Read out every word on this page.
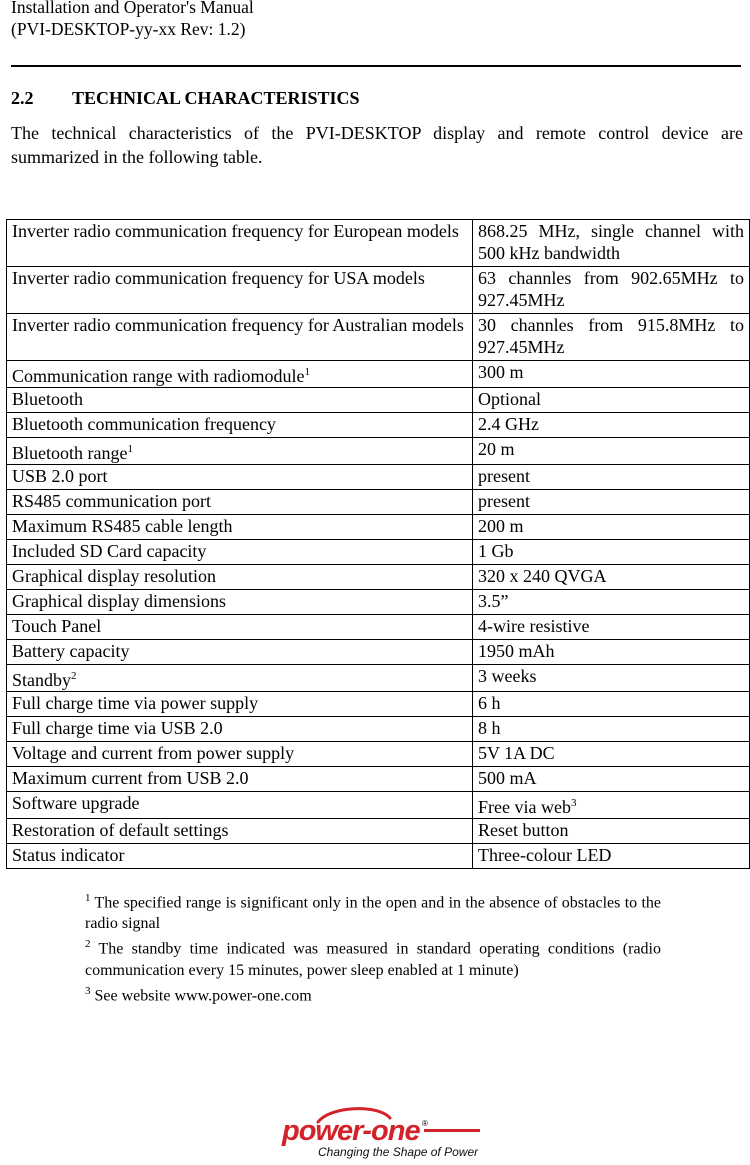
Installation and Operator's Manual
(PVI-DESKTOP-yy-xx Rev: 1.2)
2.2 TECHNICAL CHARACTERISTICS
The technical characteristics of the PVI-DESKTOP display and remote control device are summarized in the following table.
Inverter radio communication frequency for European models	868.25 MHz, single channel with 500 kHz bandwidth
Inverter radio communication frequency for USA models	63 channles from 902.65MHz to 927.45MHz
Inverter radio communication frequency for Australian models	30 channles from 915.8MHz to 927.45MHz
Communication range with radiomodule$^1$	300 m
Bluetooth	Optional
Bluetooth communication frequency	2.4 GHz
Bluetooth range$^1$	20 m
USB 2.0 port	present
RS485 communication port	present
Maximum RS485 cable length	200 m
Included SD Card capacity	1 Gb
Graphical display resolution	320 x 240 QVGA
Graphical display dimensions	3.5”
Touch Panel	4-wire resistive
Battery capacity	1950 mAh
Standby$^2$	3 weeks
Full charge time via power supply	6 h
Full charge time via USB 2.0	8 h
Voltage and current from power supply	5V 1A DC
Maximum current from USB 2.0	500 mA
Software upgrade	Free via web$^3$
Restoration of default settings	Reset button
Status indicator	Three-colour LED
$^1$ The specified range is significant only in the open and in the absence of obstacles to the radio signal
$^2$ The standby time indicated was measured in standard operating conditions (radio communication every 15 minutes, power sleep enabled at 1 minute)
$^3$ See website www.power-one.com
power-one ®
Changing the Shape of Power
